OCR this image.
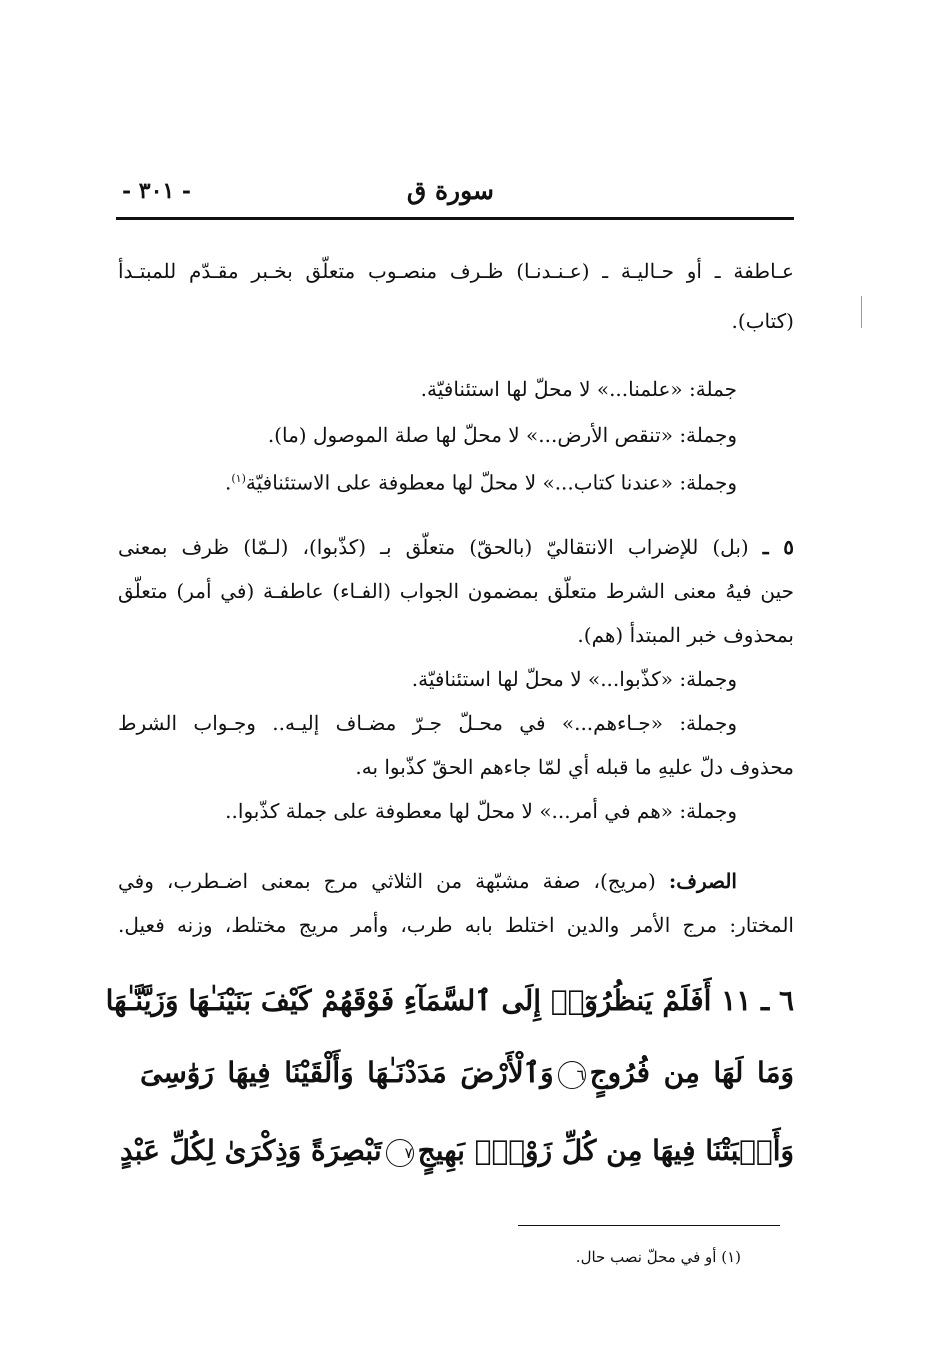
سورة ق
- ٣٠١ -
عـاطفة ـ أو حـاليـة ـ (عـنـدنـا) ظـرف منصـوب متعلّق بخـبر مقـدّم للمبتـدأ
(كتاب).
جملة: «علمنا...» لا محلّ لها استئنافيّة.
وجملة: «تنقص الأرض...» لا محلّ لها صلة الموصول (ما).
وجملة: «عندنا كتاب...» لا محلّ لها معطوفة على الاستئنافيّة$^{(١)}$.
٥ ـ (بل) للإضراب الانتقاليّ (بالحقّ) متعلّق بـ (كذّبوا)، (لـمّا) ظرف بمعنى
حين فيهُ معنى الشرط متعلّق بمضمون الجواب (الفـاء) عاطفـة (في أمر) متعلّق
بمحذوف خبر المبتدأ (هم).
وجملة: «كذّبوا...» لا محلّ لها استئنافيّة.
وجملة: «جـاءهم...» في محـلّ جـرّ مضـاف إليـه.. وجـواب الشرط
محذوف دلّ عليهِ ما قبله أي لمّا جاءهم الحقّ كذّبوا به.
وجملة: «هم في أمر...» لا محلّ لها معطوفة على جملة كذّبوا..
الصرف: (مريج)، صفة مشبّهة من الثلاثي مرج بمعنى اضـطرب، وفي
المختار: مرج الأمر والدين اختلط بابه طرب، وأمر مريج مختلط، وزنه فعيل.
٦ ـ ١١ أَفَلَمْ يَنظُرُوٓا۟ إِلَى ٱلسَّمَآءِ فَوْقَهُمْ كَيْفَ بَنَيْنَـٰهَا وَزَيَّنَّـٰهَا
وَمَا لَهَا مِن فُرُوجٍ٦وَٱلْأَرْضَ مَدَدْنَـٰهَا وَأَلْقَيْنَا فِيهَا رَوَٰسِىَ
وَأَنۢبَتْنَا فِيهَا مِن كُلِّ زَوْجٍۭ بَهِيجٍ٧تَبْصِرَةً وَذِكْرَىٰ لِكُلِّ عَبْدٍ
(١) أو في محلّ نصب حال.
